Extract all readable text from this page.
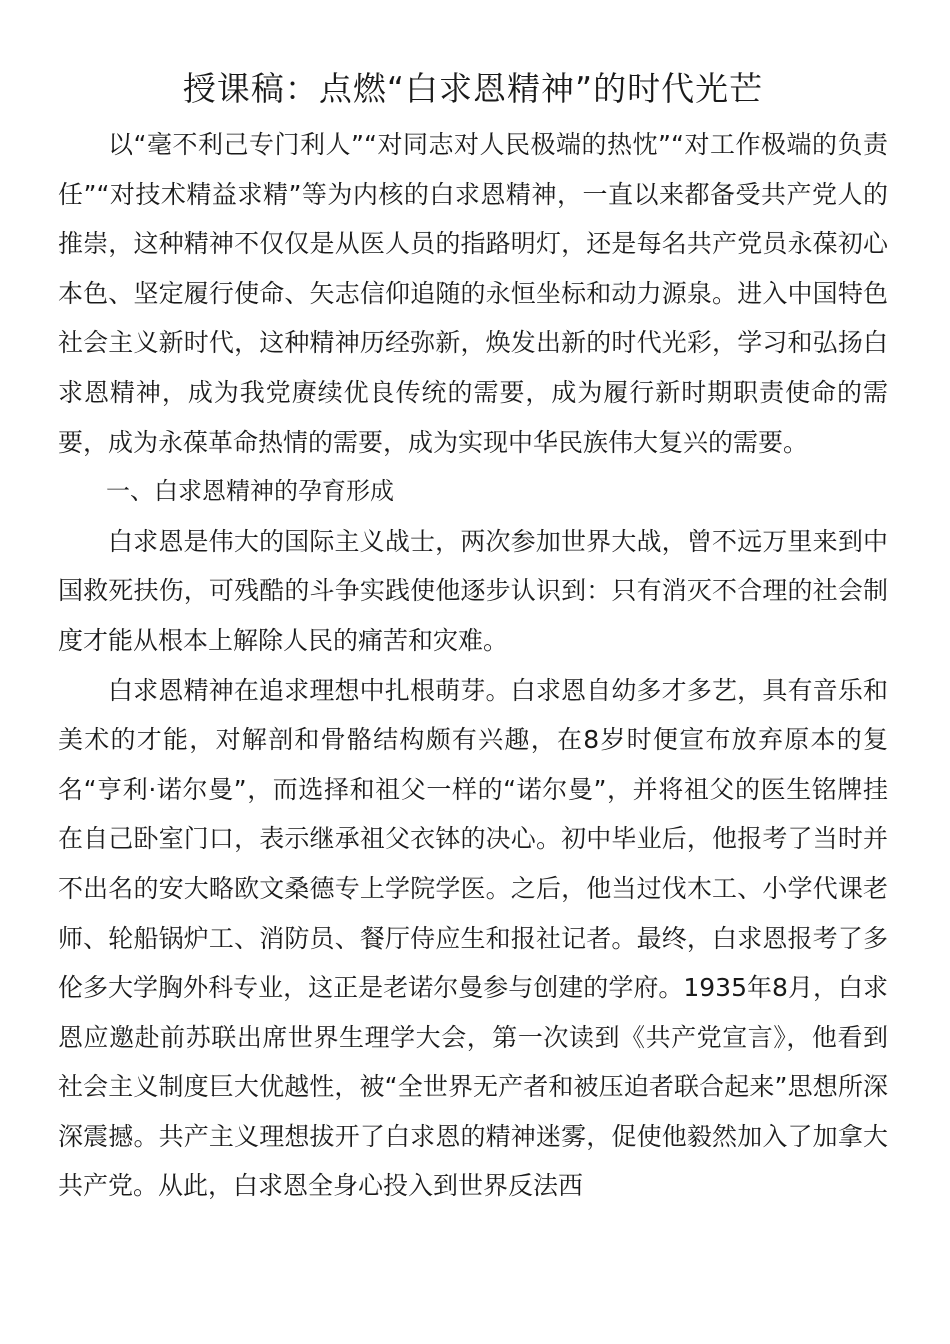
授课稿：点燃“白求恩精神”的时代光芒

以“毫不利己专门利人”“对同志对人民极端的热忱”“对工作极端的负责任”“对技术精益求精”等为内核的白求恩精神，一直以来都备受共产党人的推崇，这种精神不仅仅是从医人员的指路明灯，还是每名共产党员永葆初心本色、坚定履行使命、矢志信仰追随的永恒坐标和动力源泉。进入中国特色社会主义新时代，这种精神历经弥新，焕发出新的时代光彩，学习和弘扬白求恩精神，成为我党赓续优良传统的需要，成为履行新时期职责使命的需要，成为永葆革命热情的需要，成为实现中华民族伟大复兴的需要。

一、白求恩精神的孕育形成

白求恩是伟大的国际主义战士，两次参加世界大战，曾不远万里来到中国救死扶伤，可残酷的斗争实践使他逐步认识到：只有消灭不合理的社会制度才能从根本上解除人民的痛苦和灾难。

白求恩精神在追求理想中扎根萌芽。白求恩自幼多才多艺，具有音乐和美术的才能，对解剖和骨骼结构颇有兴趣，在8岁时便宣布放弃原本的复名“亨利·诺尔曼”，而选择和祖父一样的“诺尔曼”，并将祖父的医生铭牌挂在自己卧室门口，表示继承祖父衣钵的决心。初中毕业后，他报考了当时并不出名的安大略欧文桑德专上学院学医。之后，他当过伐木工、小学代课老师、轮船锅炉工、消防员、餐厅侍应生和报社记者。最终，白求恩报考了多伦多大学胸外科专业，这正是老诺尔曼参与创建的学府。1935年8月，白求恩应邀赴前苏联出席世界生理学大会，第一次读到《共产党宣言》，他看到社会主义制度巨大优越性，被“全世界无产者和被压迫者联合起来”思想所深深震撼。共产主义理想拔开了白求恩的精神迷雾，促使他毅然加入了加拿大共产党。从此，白求恩全身心投入到世界反法西
